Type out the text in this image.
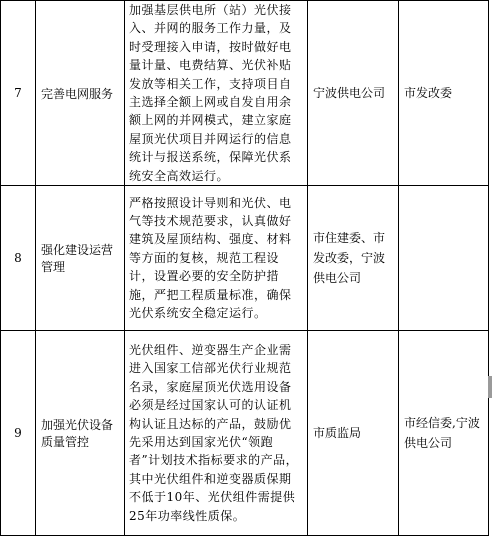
7	完善电网服务	加强基层供电所（站）光伏接入、并网的服务工作力量，及时受理接入申请，按时做好电量计量、电费结算、光伏补贴发放等相关工作，支持项目自主选择全额上网或自发自用余额上网的并网模式，建立家庭屋顶光伏项目并网运行的信息统计与报送系统，保障光伏系统安全高效运行。	宁波供电公司	市发改委
8	强化建设运营管理	严格按照设计导则和光伏、电气等技术规范要求，认真做好建筑及屋顶结构、强度、材料等方面的复核，规范工程设计，设置必要的安全防护措施，严把工程质量标准，确保光伏系统安全稳定运行。	市住建委、市发改委，宁波供电公司	
9	加强光伏设备质量管控	光伏组件、逆变器生产企业需进入国家工信部光伏行业规范名录，家庭屋顶光伏选用设备必须是经过国家认可的认证机构认证且达标的产品，鼓励优先采用达到国家光伏“领跑者”计划技术指标要求的产品，其中光伏组件和逆变器质保期不低于10年、光伏组件需提供25年功率线性质保。	市质监局	市经信委,宁波供电公司
